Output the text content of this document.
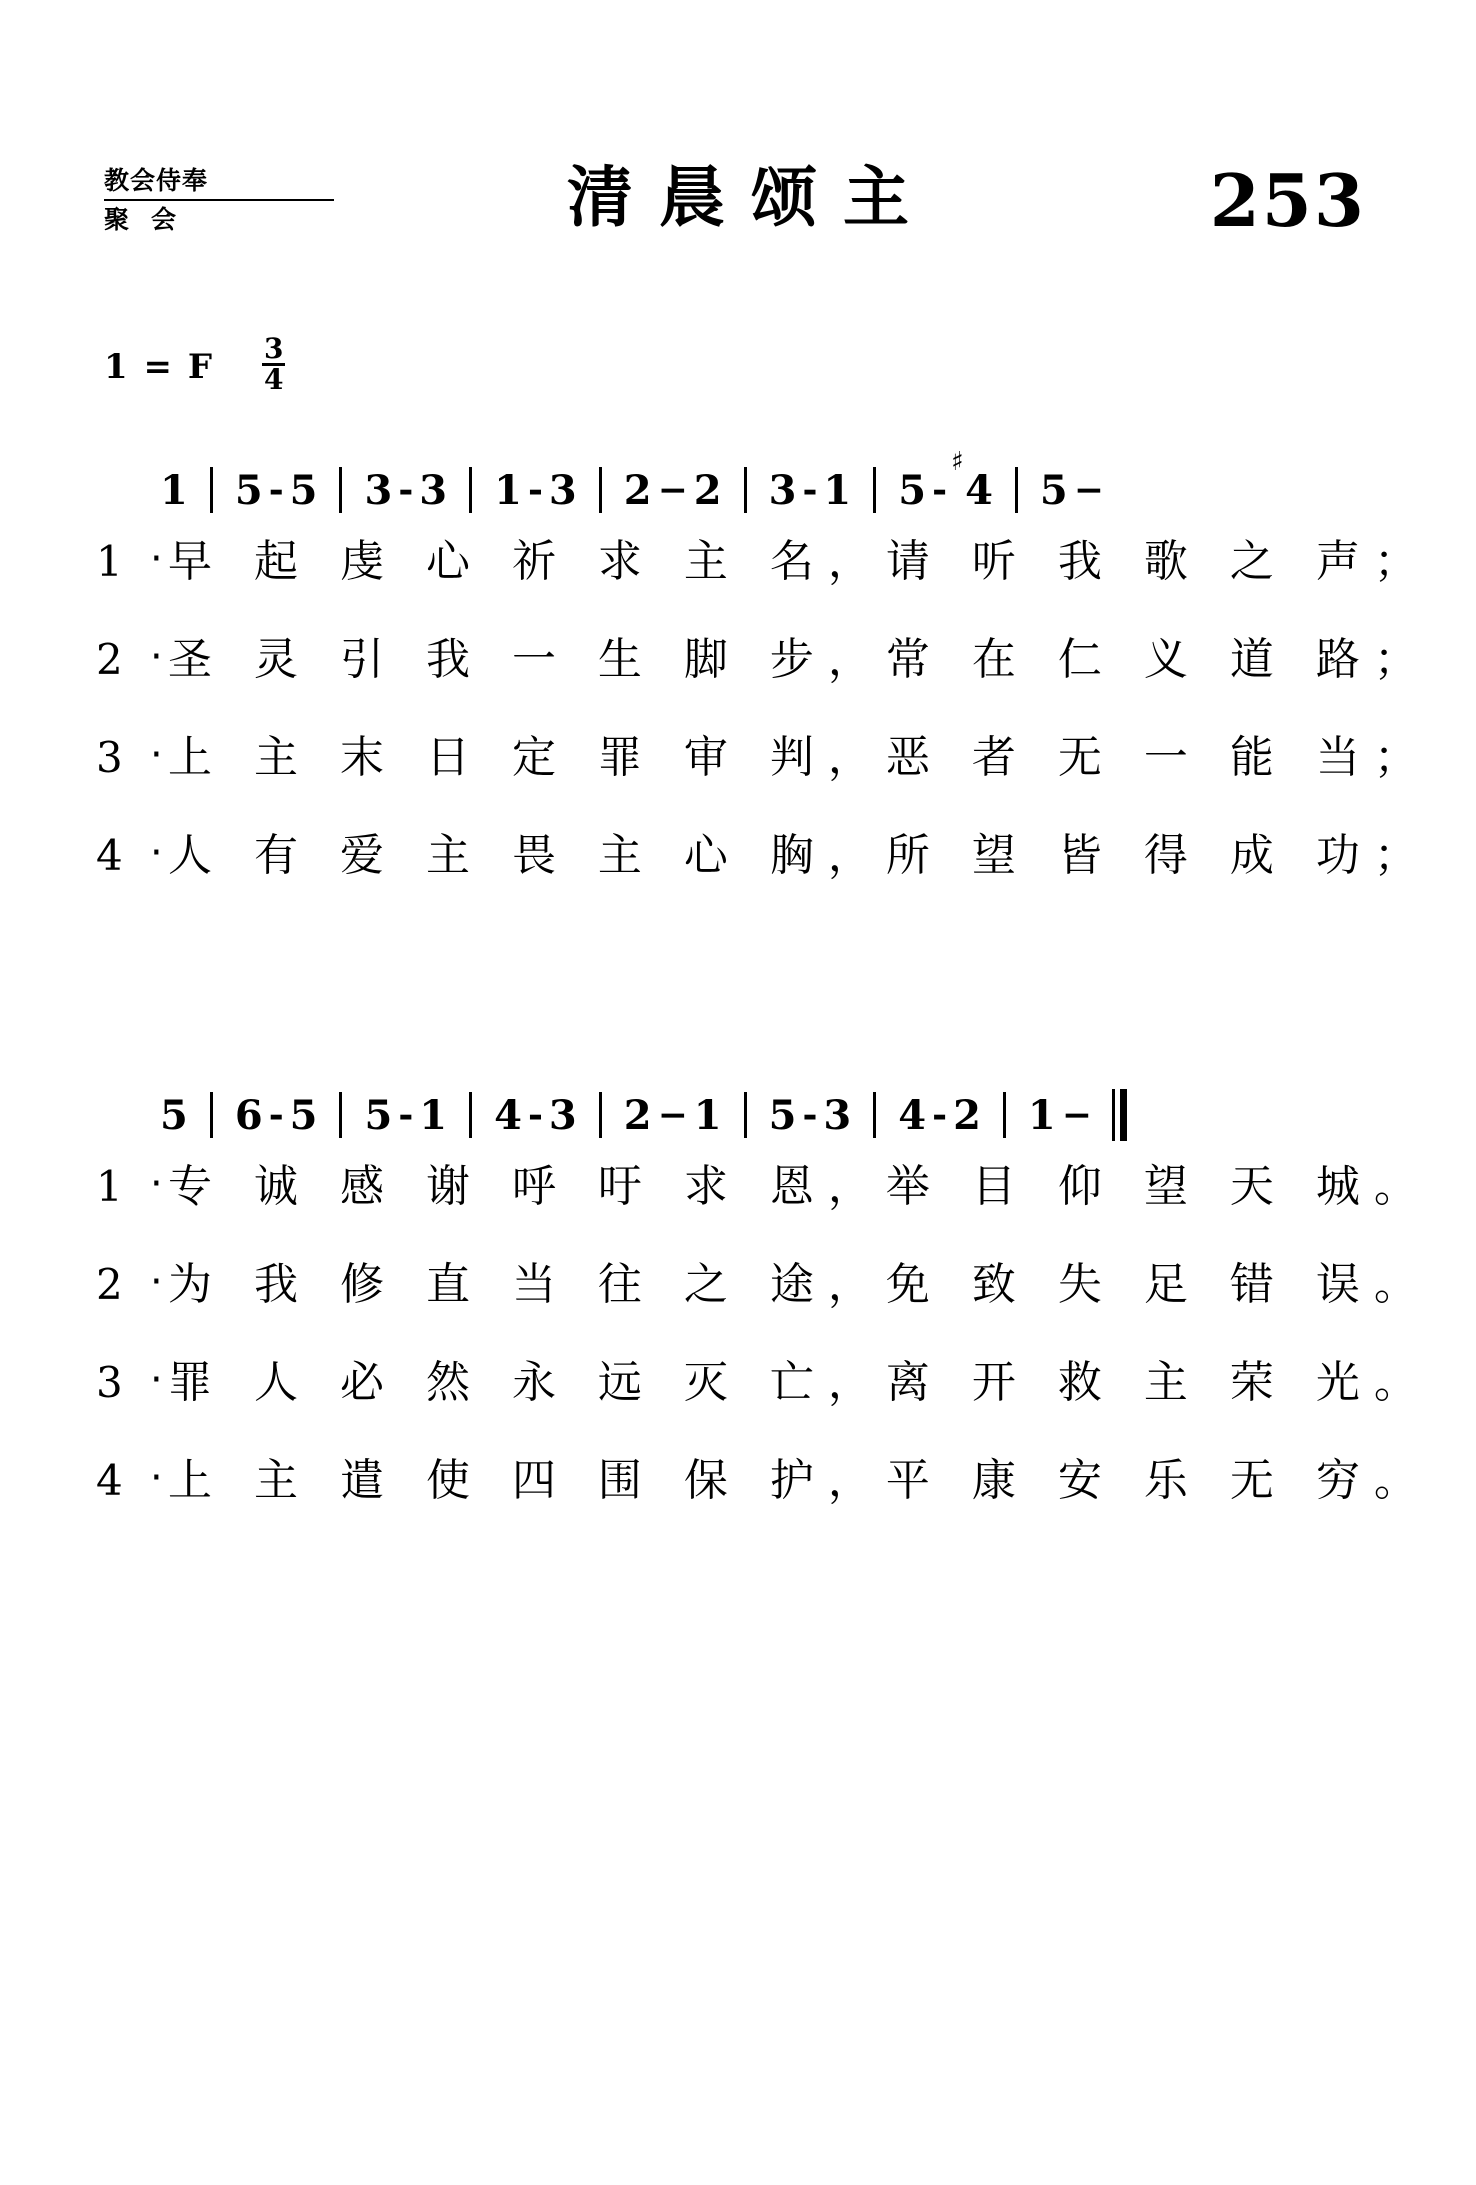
教会侍奉
聚会	清晨颂主	253
1 = F $\frac{3}{4}$
1 5 - 5 3 - 3 1 - 3 2 − 2 3 - 1 5 -
♯
4 5 −
1 · 早 起 虔 心 祈 求 主 名，请 听 我 歌 之 声；
2 · 圣 灵 引 我 一 生 脚 步，常 在 仁 义 道 路；
3 · 上 主 末 日 定 罪 审 判，恶 者 无 一 能 当；
4 · 人 有 爱 主 畏 主 心 胸，所 望 皆 得 成 功；
5 6 - 5 5 - 1 4 - 3 2 − 1 5 - 3 4 - 2 1 −
1 · 专 诚 感 谢 呼 吁 求 恩，举 目 仰 望 天 城。
2 · 为 我 修 直 当 往 之 途，免 致 失 足 错 误。
3 · 罪 人 必 然 永 远 灭 亡，离 开 救 主 荣 光。
4 · 上 主 遣 使 四 围 保 护，平 康 安 乐 无 穷。
